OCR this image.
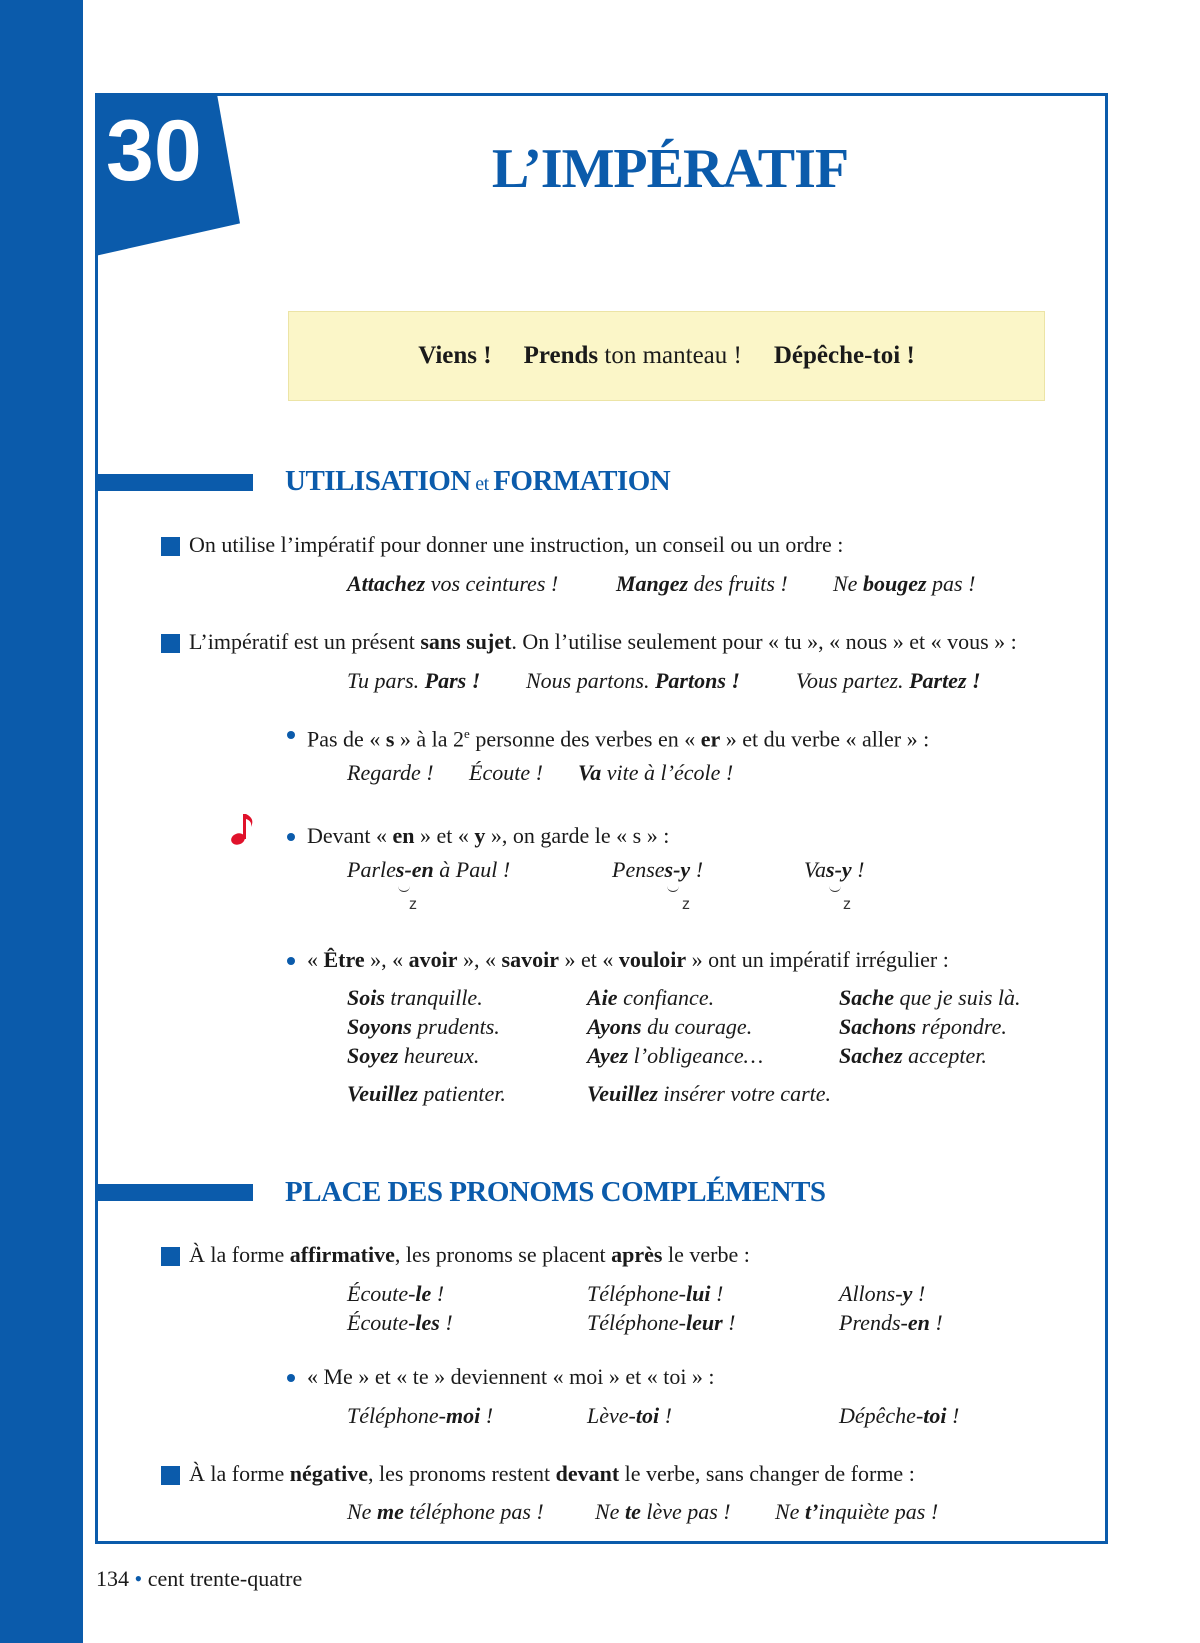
30	L’IMPÉRATIF
Viens ! Prends ton manteau ! Dépêche-toi !
UTILISATION et FORMATION
On utilise l’impératif pour donner une instruction, un conseil ou un ordre :
Attachez vos ceintures !	Mangez des fruits ! Ne bougez pas !
L’impératif est un présent sans sujet. On l’utilise seulement pour « tu », « nous » et « vous » :
Tu pars. Pars ! Nous partons. Partons !	Vous partez. Partez !
Pas de « s » à la 2e personne des verbes en « er » et du verbe « aller » :
Regarde ! Écoute ! Va vite à l’école !
Devant « en » et « y », on garde le « s » :
Parles-en à Paul !	Penses-y !	Vas-y !
z	z	z
« Être », « avoir », « savoir » et « vouloir » ont un impératif irrégulier :
Sois tranquille.	Aie confiance.	Sache que je suis là.
Soyons prudents.	Ayons du courage.	Sachons répondre.
Soyez heureux.	Ayez l’obligeance…	Sachez accepter.
Veuillez patienter.	Veuillez insérer votre carte.
PLACE DES PRONOMS COMPLÉMENTS
À la forme affirmative, les pronoms se placent après le verbe :
Écoute-le !	Téléphone-lui !	Allons-y !
Écoute-les !	Téléphone-leur !	Prends-en !
« Me » et « te » deviennent « moi » et « toi » :
Téléphone-moi !	Lève-toi !	Dépêche-toi !
À la forme négative, les pronoms restent devant le verbe, sans changer de forme :
Ne me téléphone pas ! Ne te lève pas ! Ne t’inquiète pas !
134 • cent trente-quatre
